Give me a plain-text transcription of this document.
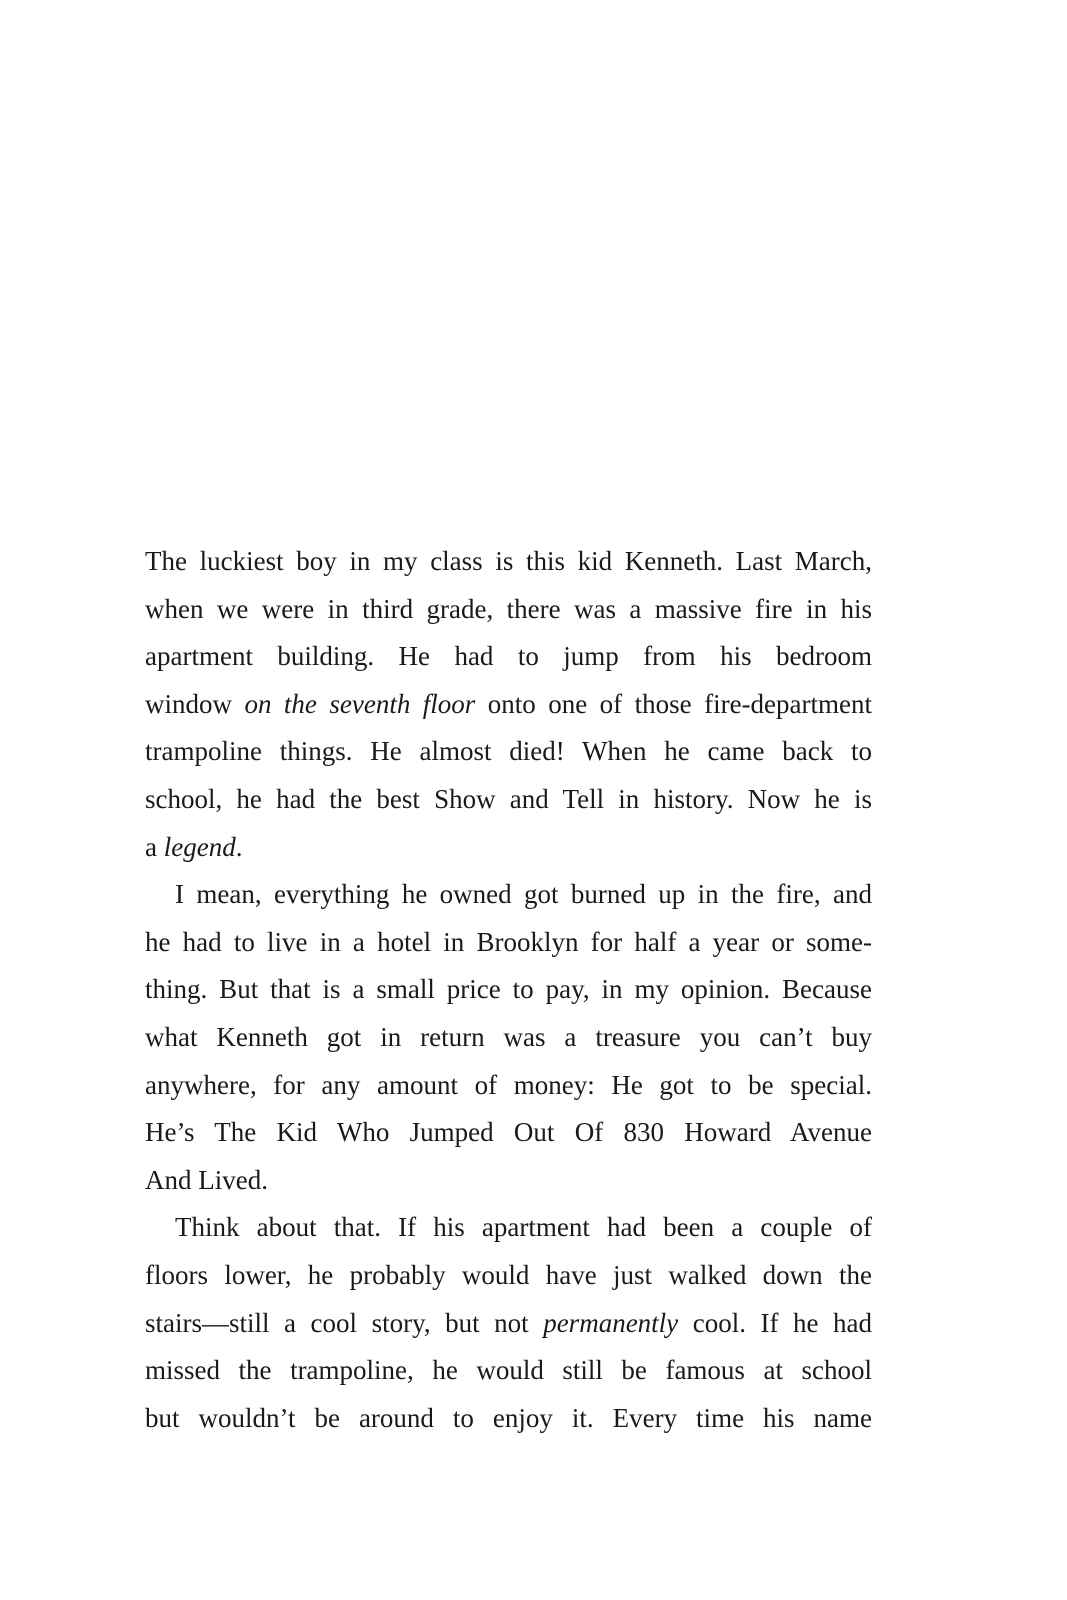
The luckiest boy in my class is this kid Kenneth. Last March,
when we were in third grade, there was a massive fire in his
apartment building. He had to jump from his bedroom
window on the seventh floor onto one of those fire-department
trampoline things. He almost died! When he came back to
school, he had the best Show and Tell in history. Now he is
a legend.
I mean, everything he owned got burned up in the fire, and
he had to live in a hotel in Brooklyn for half a year or some-
thing. But that is a small price to pay, in my opinion. Because
what Kenneth got in return was a treasure you can’t buy
anywhere, for any amount of money: He got to be special.
He’s The Kid Who Jumped Out Of 830 Howard Avenue
And Lived.
Think about that. If his apartment had been a couple of
floors lower, he probably would have just walked down the
stairs—still a cool story, but not permanently cool. If he had
missed the trampoline, he would still be famous at school
but wouldn’t be around to enjoy it. Every time his name
